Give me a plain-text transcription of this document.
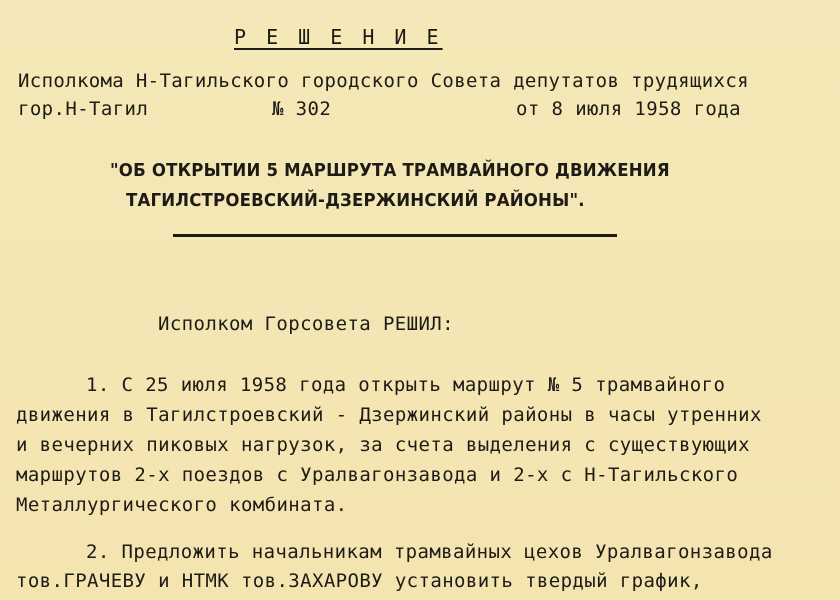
Р Е Ш Е Н И Е
Исполкома Н-Тагильского городского Совета депутатов трудящихся
гор.Н-Тагил	№ 302	от 8 июля 1958 года
"ОБ ОТКРЫТИИ 5 МАРШРУТА ТРАМВАЙНОГО ДВИЖЕНИЯ
ТАГИЛСТРОЕВСКИЙ-ДЗЕРЖИНСКИЙ РАЙОНЫ".
Исполком Горсовета РЕШИЛ:
1. С 25 июля 1958 года открыть маршрут № 5 трамвайного
движения в Тагилстроевский - Дзержинский районы в часы утренних
и вечерних пиковых нагрузок, за счета выделения с существующих
маршрутов 2-х поездов с Уралвагонзавода и 2-х с Н-Тагильского
Металлургического комбината.
2. Предложить начальникам трамвайных цехов Уралвагонзавода
тов.ГРАЧЕВУ и НТМК тов.ЗАХАРОВУ установить твердый график,
